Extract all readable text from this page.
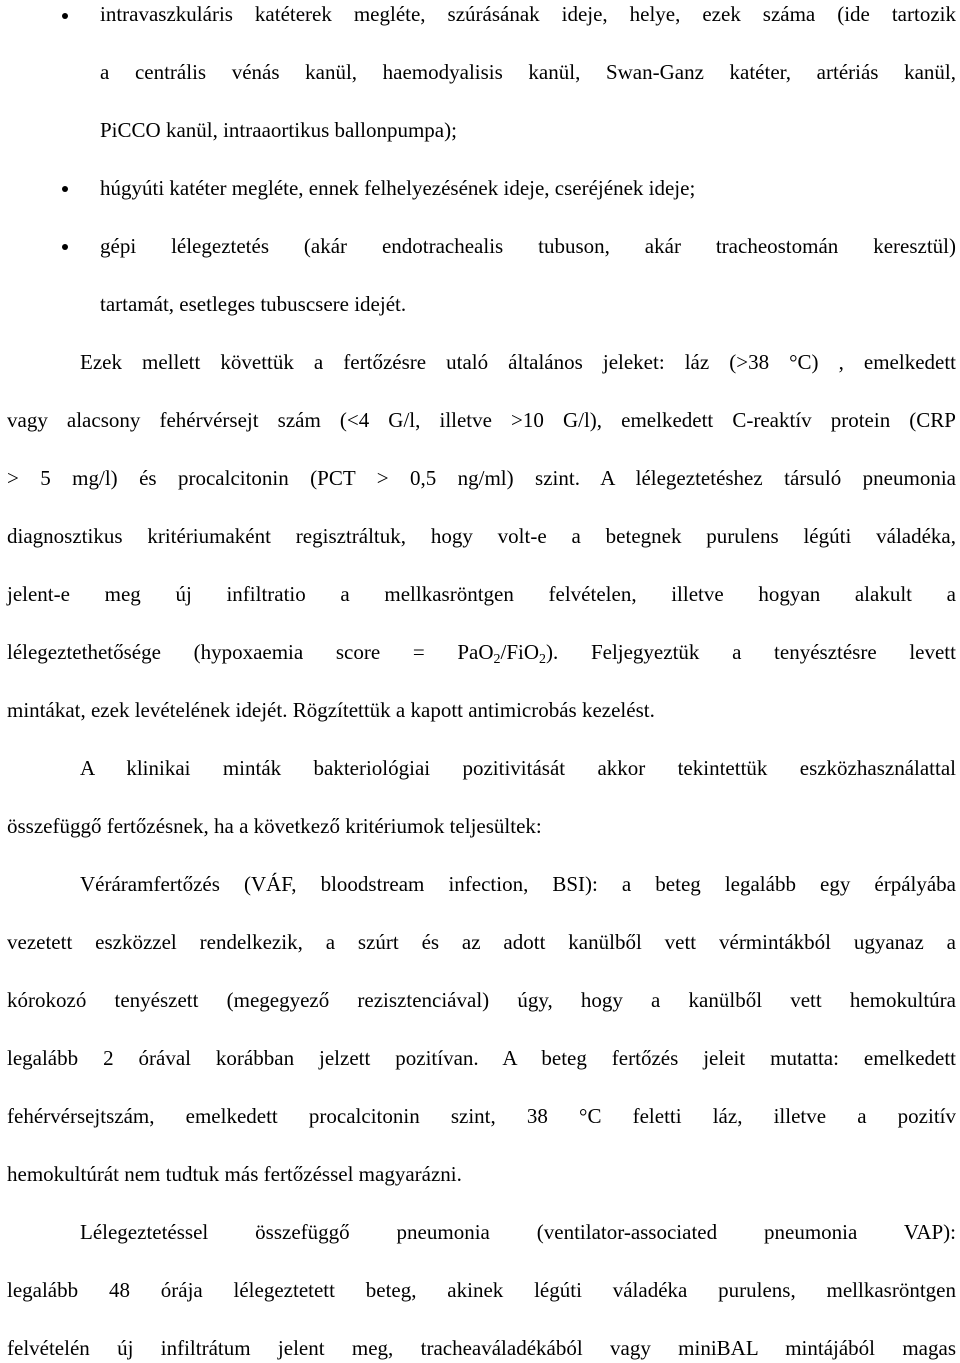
intravaszkuláris katéterek megléte, szúrásának ideje, helye, ezek száma (ide tartozik
a centrális vénás kanül, haemodyalisis kanül, Swan-Ganz katéter, artériás kanül,
PiCCO kanül, intraaortikus ballonpumpa);
húgyúti katéter megléte, ennek felhelyezésének ideje, cseréjének ideje;
gépi lélegeztetés (akár endotrachealis tubuson, akár tracheostomán keresztül)
tartamát, esetleges tubuscsere idejét.
Ezek mellett követtük a fertőzésre utaló általános jeleket: láz (>38 °C) , emelkedett
vagy alacsony fehérvérsejt szám (<4 G/l, illetve >10 G/l), emelkedett C-reaktív protein (CRP
> 5 mg/l) és procalcitonin (PCT > 0,5 ng/ml) szint. A lélegeztetéshez társuló pneumonia
diagnosztikus kritériumaként regisztráltuk, hogy volt-e a betegnek purulens légúti váladéka,
jelent-e meg új infiltratio a mellkasröntgen felvételen, illetve hogyan alakult a
lélegeztethetősége (hypoxaemia score = PaO$_2$/FiO$_2$). Feljegyeztük a tenyésztésre levett
mintákat, ezek levételének idejét. Rögzítettük a kapott antimicrobás kezelést.
A klinikai minták bakteriológiai pozitivitását akkor tekintettük eszközhasználattal
összefüggő fertőzésnek, ha a következő kritériumok teljesültek:
Véráramfertőzés (VÁF, bloodstream infection, BSI): a beteg legalább egy érpályába
vezetett eszközzel rendelkezik, a szúrt és az adott kanülből vett vérmintákból ugyanaz a
kórokozó tenyészett (megegyező rezisztenciával) úgy, hogy a kanülből vett hemokultúra
legalább 2 órával korábban jelzett pozitívan. A beteg fertőzés jeleit mutatta: emelkedett
fehérvérsejtszám, emelkedett procalcitonin szint, 38 °C feletti láz, illetve a pozitív
hemokultúrát nem tudtuk más fertőzéssel magyarázni.
Lélegeztetéssel összefüggő pneumonia (ventilator-associated pneumonia VAP):
legalább 48 órája lélegeztetett beteg, akinek légúti váladéka purulens, mellkasröntgen
felvételén új infiltrátum jelent meg, tracheaváladékából vagy miniBAL mintájából magas
